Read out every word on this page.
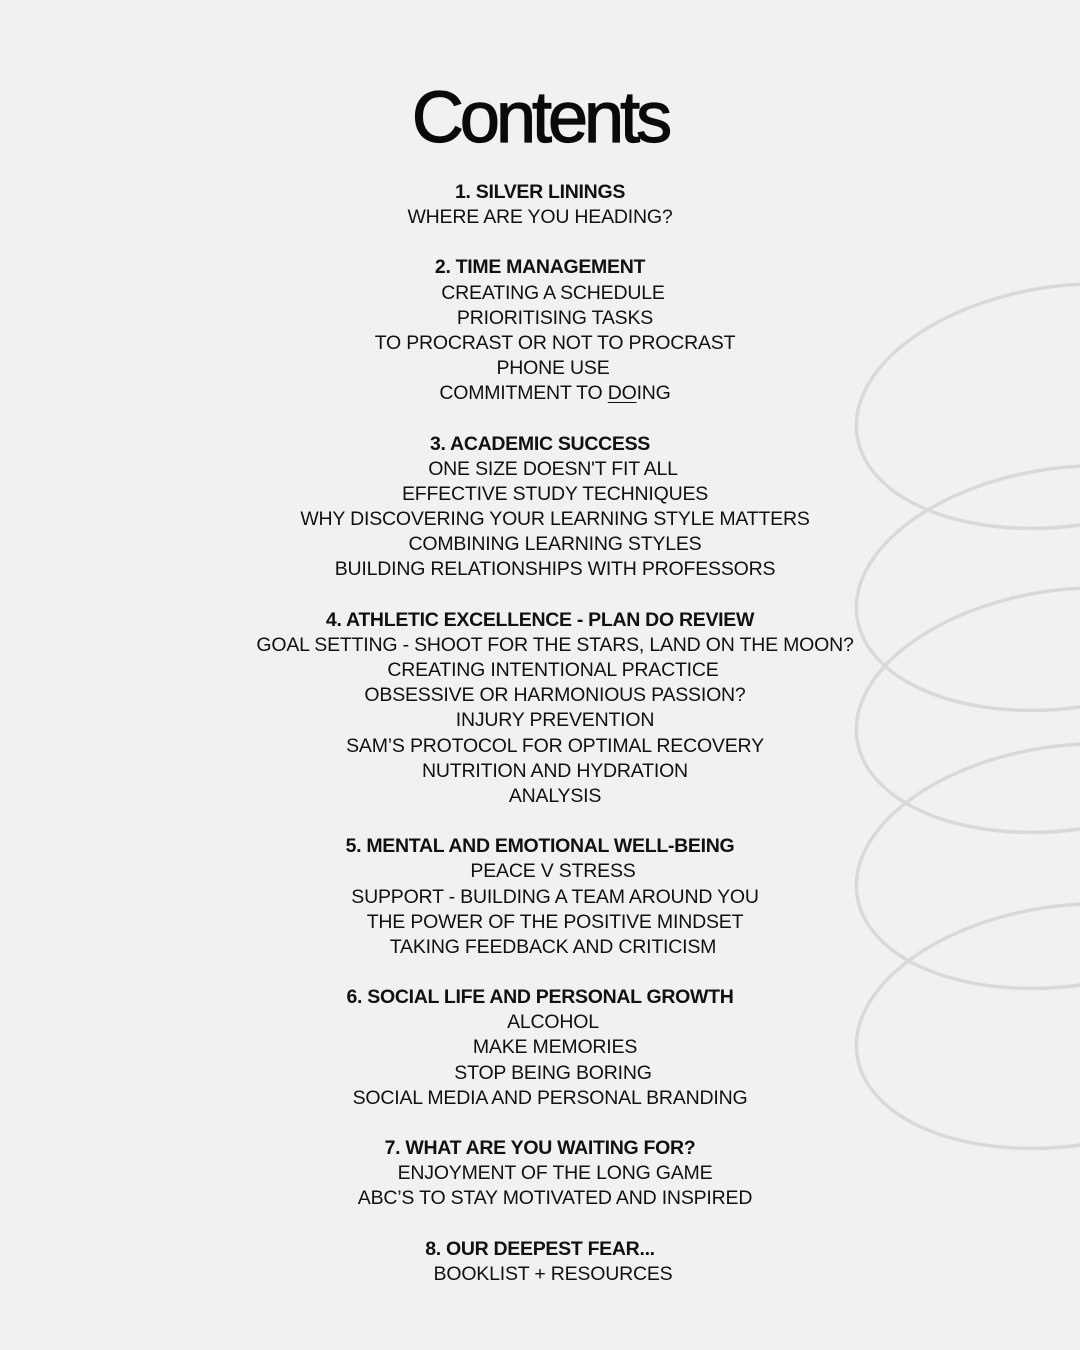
Contents
1. SILVER LININGS
WHERE ARE YOU HEADING?
2. TIME MANAGEMENT
CREATING A SCHEDULE
PRIORITISING TASKS
TO PROCRAST OR NOT TO PROCRAST
PHONE USE
COMMITMENT TO DOING
3. ACADEMIC SUCCESS
ONE SIZE DOESN'T FIT ALL
EFFECTIVE STUDY TECHNIQUES
WHY DISCOVERING YOUR LEARNING STYLE MATTERS
COMBINING LEARNING STYLES
BUILDING RELATIONSHIPS WITH PROFESSORS
4. ATHLETIC EXCELLENCE - PLAN DO REVIEW
GOAL SETTING - SHOOT FOR THE STARS, LAND ON THE MOON?
CREATING INTENTIONAL PRACTICE
OBSESSIVE OR HARMONIOUS PASSION?
INJURY PREVENTION
SAM’S PROTOCOL FOR OPTIMAL RECOVERY
NUTRITION AND HYDRATION
ANALYSIS
5. MENTAL AND EMOTIONAL WELL-BEING
PEACE V STRESS
SUPPORT - BUILDING A TEAM AROUND YOU
THE POWER OF THE POSITIVE MINDSET
TAKING FEEDBACK AND CRITICISM
6. SOCIAL LIFE AND PERSONAL GROWTH
ALCOHOL
MAKE MEMORIES
STOP BEING BORING
SOCIAL MEDIA AND PERSONAL BRANDING
7. WHAT ARE YOU WAITING FOR?
ENJOYMENT OF THE LONG GAME
ABC’S TO STAY MOTIVATED AND INSPIRED
8. OUR DEEPEST FEAR...
BOOKLIST + RESOURCES
